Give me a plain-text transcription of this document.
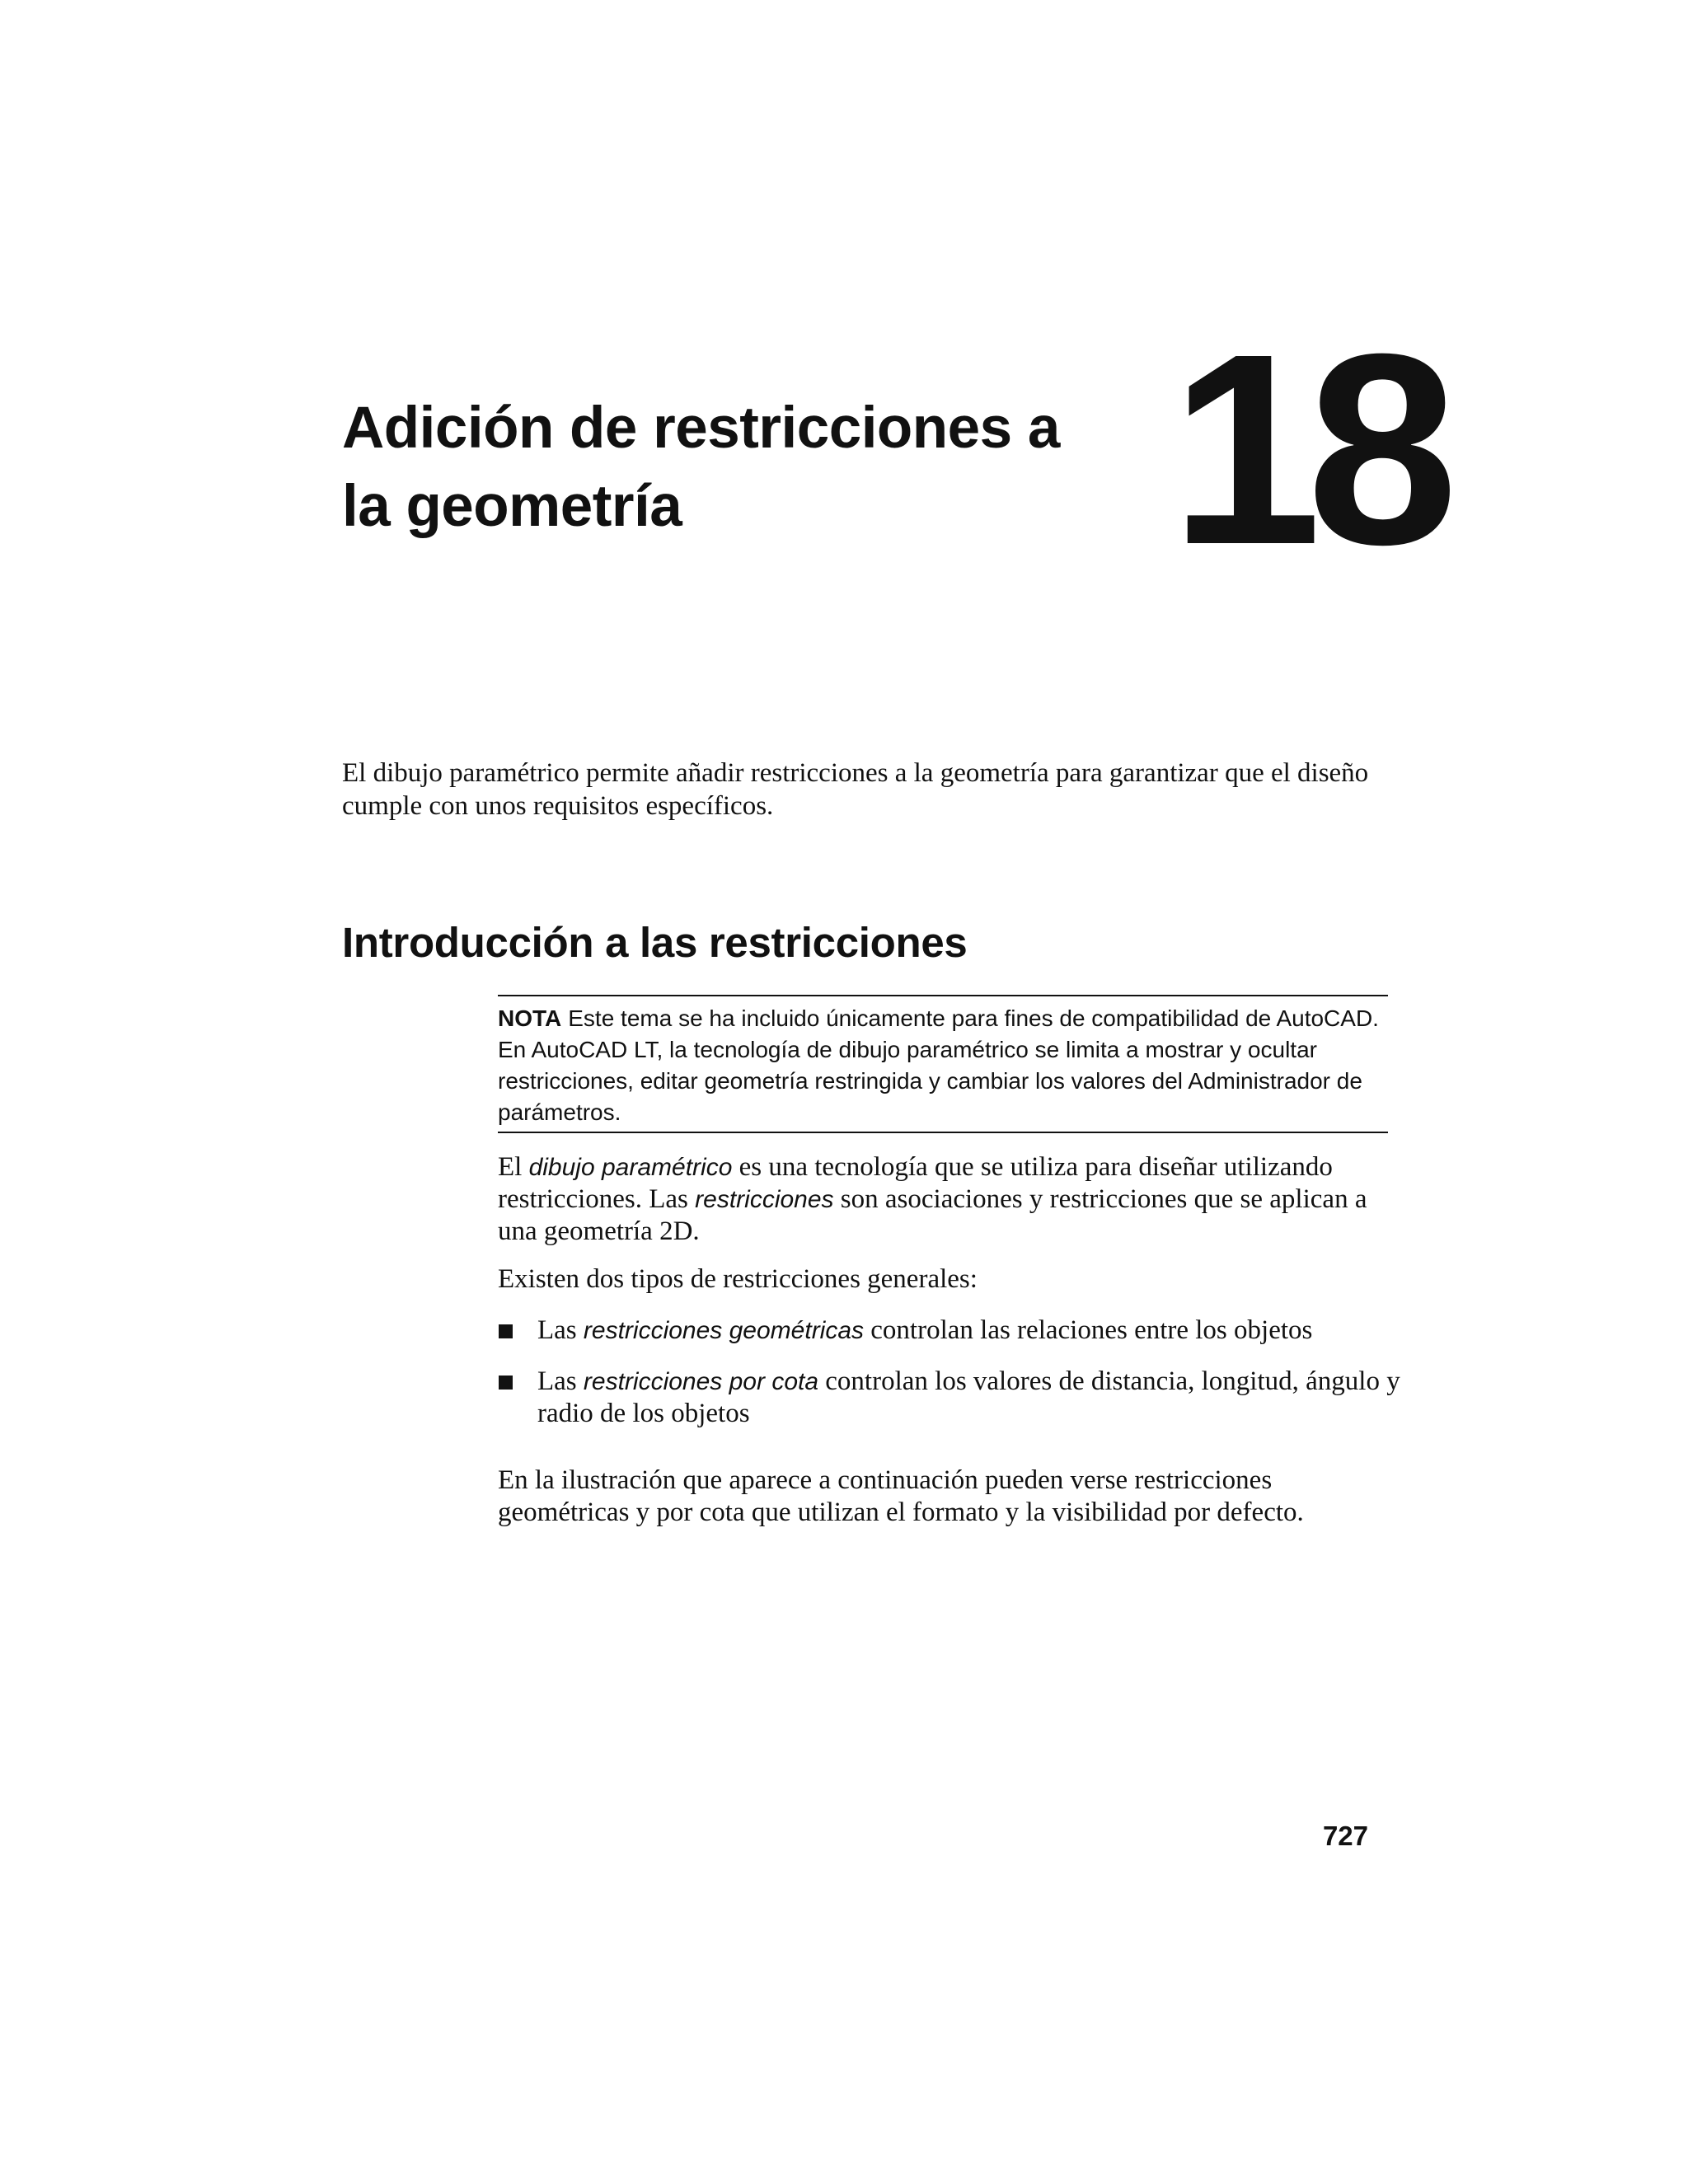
Adición de restricciones a
la geometría	18

El dibujo paramétrico permite añadir restricciones a la geometría para garantizar que el diseño cumple con unos requisitos específicos.

Introducción a las restricciones
NOTA Este tema se ha incluido únicamente para fines de compatibilidad de AutoCAD. En AutoCAD LT, la tecnología de dibujo paramétrico se limita a mostrar y ocultar restricciones, editar geometría restringida y cambiar los valores del Administrador de parámetros.

El dibujo paramétrico es una tecnología que se utiliza para diseñar utilizando restricciones. Las restricciones son asociaciones y restricciones que se aplican a una geometría 2D.

Existen dos tipos de restricciones generales:

Las restricciones geométricas controlan las relaciones entre los objetos
Las restricciones por cota controlan los valores de distancia, longitud, ángulo y radio de los objetos

En la ilustración que aparece a continuación pueden verse restricciones geométricas y por cota que utilizan el formato y la visibilidad por defecto.

727
